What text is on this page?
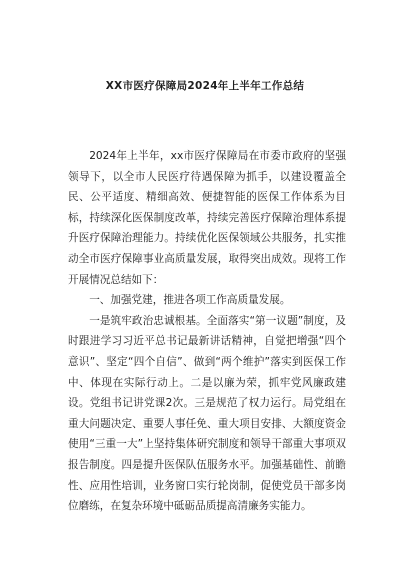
XX市医疗保障局2024年上半年工作总结

2024年上半年，xx市医疗保障局在市委市政府的坚强领导下，以全市人民医疗待遇保障为抓手，以建设覆盖全民、公平适度、精细高效、便捷智能的医保工作体系为目标，持续深化医保制度改革，持续完善医疗保障治理体系提升医疗保障治理能力。持续优化医保领域公共服务，扎实推动全市医疗保障事业高质量发展，取得突出成效。现将工作开展情况总结如下：

一、加强党建，推进各项工作高质量发展。

一是筑牢政治忠诚根基。全面落实“第一议题”制度，及时跟进学习习近平总书记最新讲话精神，自觉把增强“四个意识”、坚定“四个自信”、做到“两个维护”落实到医保工作中、体现在实际行动上。二是以廉为荣，抓牢党风廉政建设。党组书记讲党课2次。三是规范了权力运行。局党组在重大问题决定、重要人事任免、重大项目安排、大额度资金使用“三重一大”上坚持集体研究制度和领导干部重大事项双报告制度。四是提升医保队伍服务水平。加强基础性、前瞻性、应用性培训，业务窗口实行轮岗制，促使党员干部多岗位磨练，在复杂环境中砥砺品质提高清廉务实能力。
